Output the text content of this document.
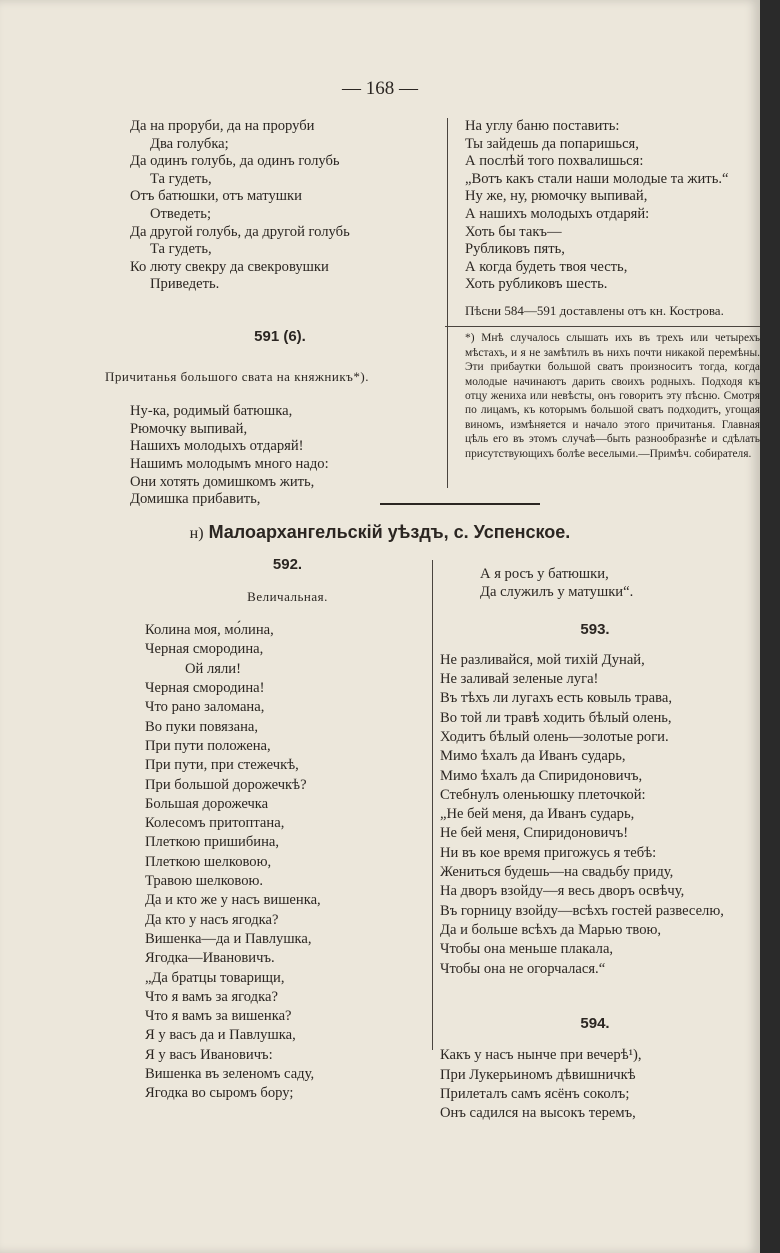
— 168 —
Да на проруби, да на проруби
Два голубка;
Да одинъ голубь, да одинъ голубь
Та гудеть,
Отъ батюшки, отъ матушки
Отведеть;
Да другой голубь, да другой голубь
Та гудеть,
Ко люту свекру да свекровушки
Приведеть.
591 (6).
Причитанья большого свата на княжникъ*).
Ну-ка, родимый батюшка,
Рюмочку выпивай,
Нашихъ молодыхъ отдаряй!
Нашимъ молодымъ много надо:
Они хотять домишкомъ жить,
Домишка прибавить,
На углу баню поставить:
Ты зайдешь да попаришься,
А послѣй того похвалишься:
„Вотъ какъ стали наши молодые та жить.“
Ну же, ну, рюмочку выпивай,
А нашихъ молодыхъ отдаряй:
Хоть бы такъ—
Рубликовъ пять,
А когда будеть твоя честь,
Хоть рубликовъ шесть.
Пѣсни 584—591 доставлены отъ кн. Кострова.
*) Мнѣ случалось слышать ихъ въ трехъ или четырехъ мѣстахъ, и я не замѣтилъ въ нихъ почти никакой перемѣны. Эти прибаутки большой сватъ произноситъ тогда, когда молодые начинаютъ дарить своихъ родныхъ. Подходя къ отцу жениха или невѣсты, онъ говоритъ эту пѣсню. Смотря по лицамъ, къ которымъ большой сватъ подходитъ, угощая виномъ, измѣняется и начало этого причитанья. Главная цѣль его въ этомъ случаѣ—быть разнообразнѣе и сдѣлать присутствующихъ болѣе веселыми.—Примѣч. собирателя.
н) Малоархангельскій уѣздъ, с. Успенское.
592.
Величальная.
Колина моя, мо́лина,
Черная смородина,
Ой ляли!
Черная смородина!
Что рано заломана,
Во пуки повязана,
При пути положена,
При пути, при стежечкѣ,
При большой дорожечкѣ?
Большая дорожечка
Колесомъ притоптана,
Плеткою пришибина,
Плеткою шелковою,
Травою шелковою.
Да и кто же у насъ вишенка,
Да кто у насъ ягодка?
Вишенка—да и Павлушка,
Ягодка—Ивановичъ.
„Да братцы товарищи,
Что я вамъ за ягодка?
Что я вамъ за вишенка?
Я у васъ да и Павлушка,
Я у васъ Ивановичъ:
Вишенка въ зеленомъ саду,
Ягодка во сыромъ бору;
А я росъ у батюшки,
Да служилъ у матушки“.
593.
Не разливайся, мой тихій Дунай,
Не заливай зеленые луга!
Въ тѣхъ ли лугахъ есть ковыль трава,
Во той ли травѣ ходить бѣлый олень,
Ходитъ бѣлый олень—золотые роги.
Мимо ѣхалъ да Иванъ сударь,
Мимо ѣхалъ да Спиридоновичъ,
Стебнулъ оленьюшку плеточкой:
„Не бей меня, да Иванъ сударь,
Не бей меня, Спиридоновичъ!
Ни въ кое время пригожусь я тебѣ:
Жениться будешь—на свадьбу приду,
На дворъ взойду—я весь дворъ освѣчу,
Въ горницу взойду—всѣхъ гостей развеселю,
Да и больше всѣхъ да Марью твою,
Чтобы она меньше плакала,
Чтобы она не огорчалася.“
594.
Какъ у насъ нынче при вечерѣ¹),
При Лукерьиномъ дѣвишничкѣ
Прилеталъ самъ ясёнъ соколъ;
Онъ садился на высокъ теремъ,
